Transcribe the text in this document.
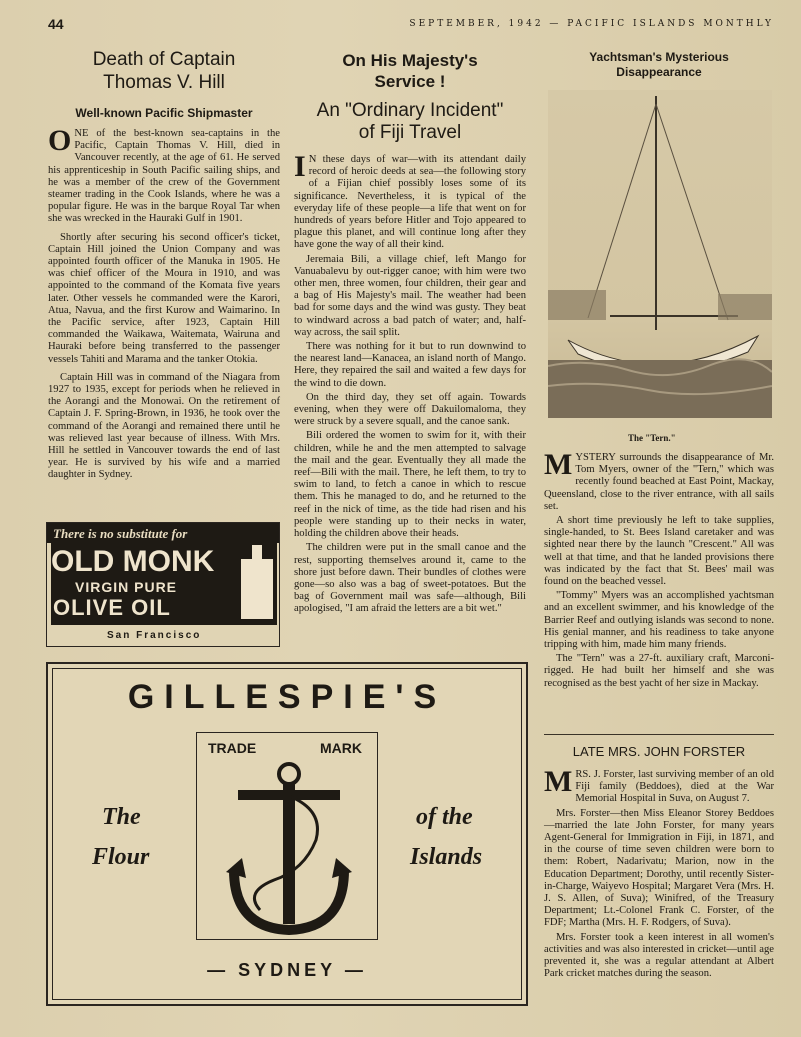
44	SEPTEMBER, 1942 — PACIFIC ISLANDS MONTHLY
Death of Captain
Thomas V. Hill
Well-known Pacific Shipmaster

ONE of the best-known sea-captains in the Pacific, Captain Thomas V. Hill, died in Vancouver recently, at the age of 61. He served his apprenticeship in South Pacific sailing ships, and he was a member of the crew of the Government steamer trading in the Cook Islands, where he was a popular figure. He was in the barque Royal Tar when she was wrecked in the Hauraki Gulf in 1901.

Shortly after securing his second officer's ticket, Captain Hill joined the Union Company and was appointed fourth officer of the Manuka in 1905. He was chief officer of the Moura in 1910, and was appointed to the command of the Komata five years later. Other vessels he commanded were the Karori, Atua, Navua, and the first Kurow and Waimarino. In the Pacific service, after 1923, Captain Hill commanded the Waikawa, Waitemata, Wairuna and Hauraki before being transferred to the passenger vessels Tahiti and Marama and the tanker Otokia.

Captain Hill was in command of the Niagara from 1927 to 1935, except for periods when he relieved in the Aorangi and the Monowai. On the retirement of Captain J. F. Spring-Brown, in 1936, he took over the command of the Aorangi and remained there until he was relieved last year because of illness. With Mrs. Hill he settled in Vancouver towards the end of last year. He is survived by his wife and a married daughter in Sydney.

There is no substitute for
OLD MONK
VIRGIN PURE
OLIVE OIL
San Francisco
On His Majesty's
Service !
An "Ordinary Incident"
of Fiji Travel

I N these days of war—with its attendant daily record of heroic deeds at sea—the following story of a Fijian chief possibly loses some of its significance. Nevertheless, it is typical of the everyday life of these people—a life that went on for hundreds of years before Hitler and Tojo appeared to plague this planet, and will continue long after they have gone the way of all their kind.

Jeremaia Bili, a village chief, left Mango for Vanuabalevu by out-rigger canoe; with him were two other men, three women, four children, their gear and a bag of His Majesty's mail. The weather had been bad for some days and the wind was gusty. They beat to windward across a bad patch of water; and, half-way across, the sail split.

There was nothing for it but to run downwind to the nearest land—Kanacea, an island north of Mango. Here, they repaired the sail and waited a few days for the wind to die down.

On the third day, they set off again. Towards evening, when they were off Dakuilomaloma, they were struck by a severe squall, and the canoe sank.

Bili ordered the women to swim for it, with their children, while he and the men attempted to salvage the mail and the gear. Eventually they all made the reef—Bili with the mail. There, he left them, to try to swim to land, to fetch a canoe in which to rescue them. This he managed to do, and he returned to the reef in the nick of time, as the tide had risen and his people were standing up to their necks in water, holding the children above their heads.

The children were put in the small canoe and the rest, supporting themselves around it, came to the shore just before dawn. Their bundles of clothes were gone—so also was a bag of sweet-potatoes. But the bag of Government mail was safe—although, Bili apologised, "I am afraid the letters are a bit wet."

Yachtsman's Mysterious
Disappearance
The "Tern."

MYSTERY surrounds the disappearance of Mr. Tom Myers, owner of the "Tern," which was recently found beached at East Point, Mackay, Queensland, close to the river entrance, with all sails set.

A short time previously he left to take supplies, single-handed, to St. Bees Island caretaker and was sighted near there by the launch "Crescent." All was well at that time, and that he landed provisions there was indicated by the fact that St. Bees' mail was found on the beached vessel.

"Tommy" Myers was an accomplished yachtsman and an excellent swimmer, and his knowledge of the Barrier Reef and outlying islands was second to none. His genial manner, and his readiness to take anyone tripping with him, made him many friends.

The "Tern" was a 27-ft. auxiliary craft, Marconi-rigged. He had built her himself and she was recognised as the best yacht of her size in Mackay.

LATE MRS. JOHN FORSTER

MRS. J. Forster, last surviving member of an old Fiji family (Beddoes), died at the War Memorial Hospital in Suva, on August 7.

Mrs. Forster—then Miss Eleanor Storey Beddoes—married the late John Forster, for many years Agent-General for Immigration in Fiji, in 1871, and in the course of time seven children were born to them: Robert, Nadarivatu; Marion, now in the Education Department; Dorothy, until recently Sister-in-Charge, Waiyevo Hospital; Margaret Vera (Mrs. H. J. S. Allen, of Suva); Winifred, of the Treasury Department; Lt.-Colonel Frank C. Forster, of the FDF; Martha (Mrs. H. F. Rodgers, of Suva).

Mrs. Forster took a keen interest in all women's activities and was also interested in cricket—until age prevented it, she was a regular attendant at Albert Park cricket matches during the season.

GILLESPIE'S
TRADE	MARK
The
Flour
of the
Islands
— SYDNEY —
